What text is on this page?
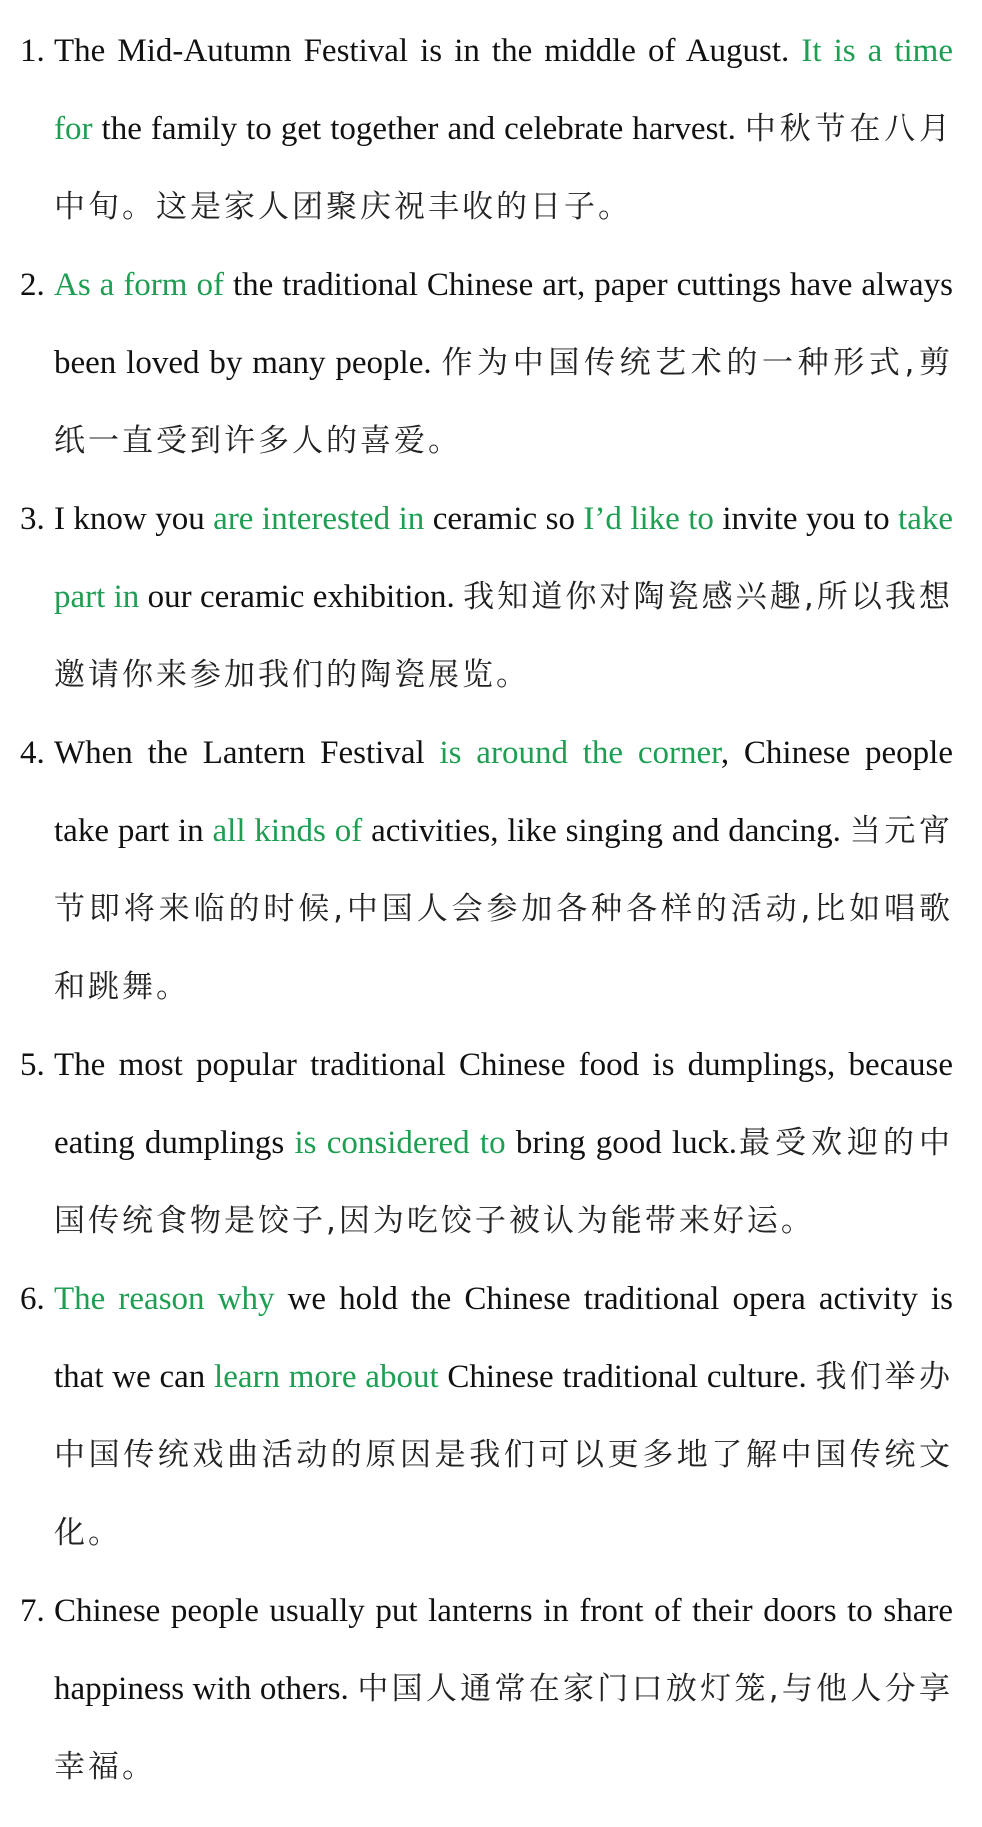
1. The Mid-Autumn Festival is in the middle of August. It is a time for the family to get together and celebrate harvest. 中秋节在八月中旬。这是家人团聚庆祝丰收的日子。

2. As a form of the traditional Chinese art, paper cuttings have always been loved by many people. 作为中国传统艺术的一种形式,剪纸一直受到许多人的喜爱。

3. I know you are interested in ceramic so I’d like to invite you to take part in our ceramic exhibition. 我知道你对陶瓷感兴趣,所以我想邀请你来参加我们的陶瓷展览。

4. When the Lantern Festival is around the corner, Chinese people take part in all kinds of activities, like singing and dancing. 当元宵节即将来临的时候,中国人会参加各种各样的活动,比如唱歌和跳舞。

5. The most popular traditional Chinese food is dumplings, because eating dumplings is considered to bring good luck.最受欢迎的中国传统食物是饺子,因为吃饺子被认为能带来好运。

6. The reason why we hold the Chinese traditional opera activity is that we can learn more about Chinese traditional culture. 我们举办中国传统戏曲活动的原因是我们可以更多地了解中国传统文化。

7. Chinese people usually put lanterns in front of their doors to share happiness with others. 中国人通常在家门口放灯笼,与他人分享幸福。
